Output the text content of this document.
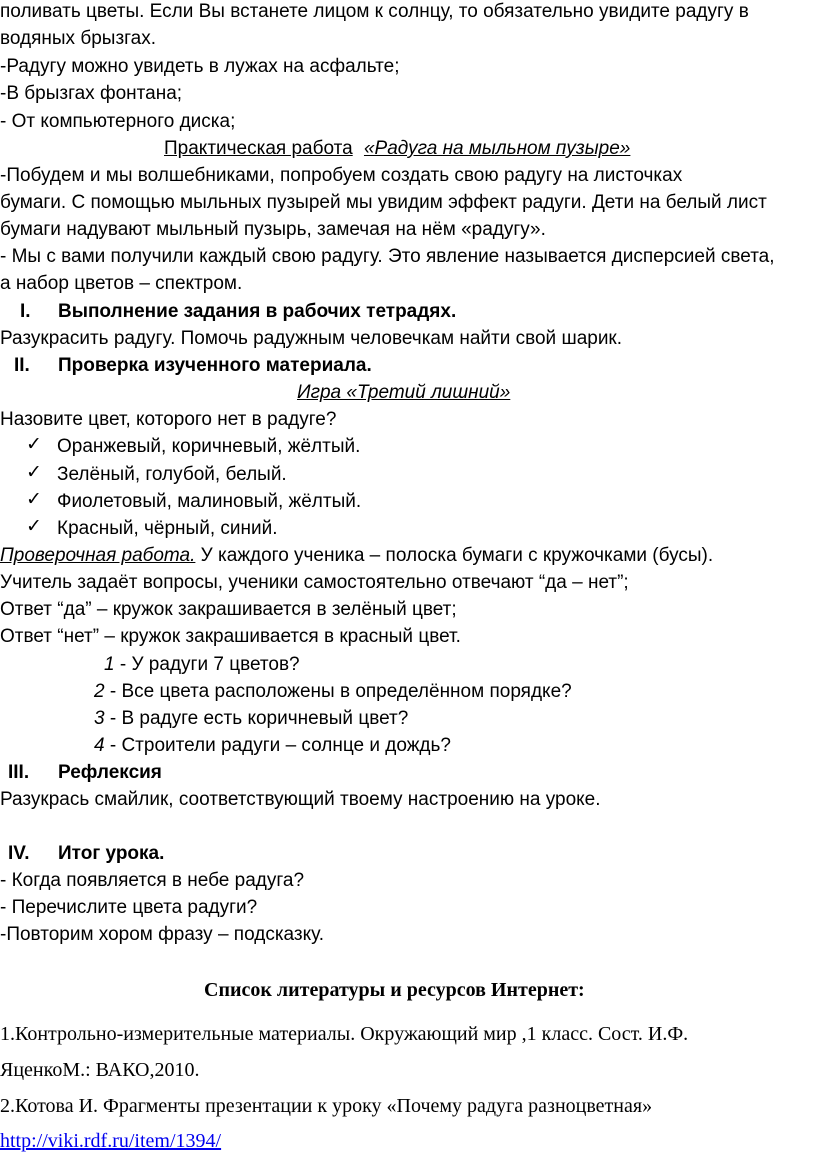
поливать цветы. Если Вы встанете лицом к солнцу, то обязательно увидите радугу в
водяных брызгах.
-Радугу можно увидеть в лужах на асфальте;
-В брызгах фонтана;
- От компьютерного диска;
Практическая работа «Радуга на мыльном пузыре»
-Побудем и мы волшебниками, попробуем создать свою радугу на листочках
бумаги. С помощью мыльных пузырей мы увидим эффект радуги. Дети на белый лист
бумаги надувают мыльный пузырь, замечая на нём «радугу».
- Мы с вами получили каждый свою радугу. Это явление называется дисперсией света,
а набор цветов – спектром.
I. Выполнение задания в рабочих тетрадях.
Разукрасить радугу. Помочь радужным человечкам найти свой шарик.
II. Проверка изученного материала.
Игра «Третий лишний»
Назовите цвет, которого нет в радуге?
✓ Оранжевый, коричневый, жёлтый.
✓ Зелёный, голубой, белый.
✓ Фиолетовый, малиновый, жёлтый.
✓ Красный, чёрный, синий.
Проверочная работа. У каждого ученика – полоска бумаги с кружочками (бусы).
Учитель задаёт вопросы, ученики самостоятельно отвечают “да – нет”;
Ответ “да” – кружок закрашивается в зелёный цвет;
Ответ “нет” – кружок закрашивается в красный цвет.
1 - У радуги 7 цветов?
2 - Все цвета расположены в определённом порядке?
3 - В радуге есть коричневый цвет?
4 - Строители радуги – солнце и дождь?
III. Рефлексия
Разукрась смайлик, соответствующий твоему настроению на уроке.
IV. Итог урока.
- Когда появляется в небе радуга?
- Перечислите цвета радуги?
-Повторим хором фразу – подсказку.
Список литературы и ресурсов Интернет:
1.Контрольно-измерительные материалы. Окружающий мир ,1 класс. Сост. И.Ф.
ЯценкоМ.: ВАКО,2010.
2.Котова И. Фрагменты презентации к уроку «Почему радуга разноцветная»
http://viki.rdf.ru/item/1394/
